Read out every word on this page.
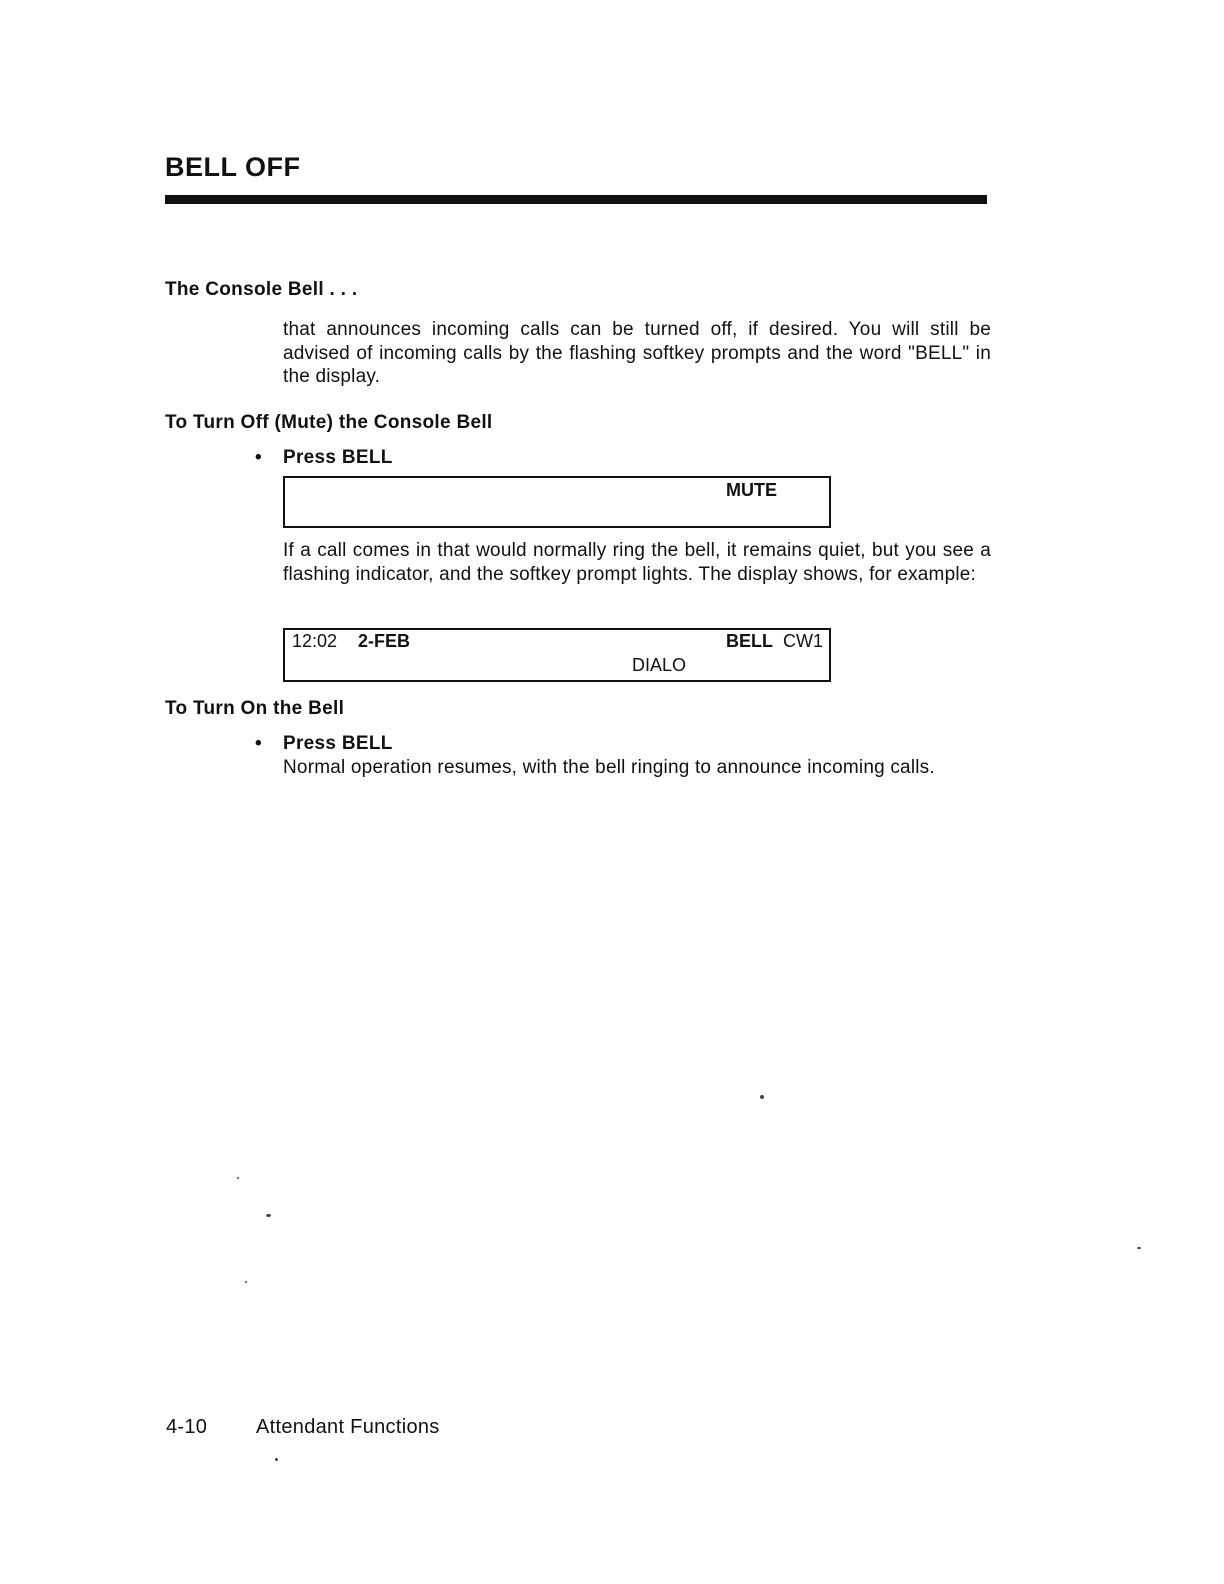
BELL OFF
The Console Bell . . .

that announces incoming calls can be turned off, if desired. You will still be advised of incoming calls by the flashing softkey prompts and the word "BELL" in the display.

To Turn Off (Mute) the Console Bell

• Press BELL

MUTE

If a call comes in that would normally ring the bell, it remains quiet, but you see a flashing indicator, and the softkey prompt lights. The display shows, for example:

12:02 2-FEB	BELL CW1
DIALO
To Turn On the Bell

• Press BELL

Normal operation resumes, with the bell ringing to announce incoming calls.

4-10 Attendant Functions
